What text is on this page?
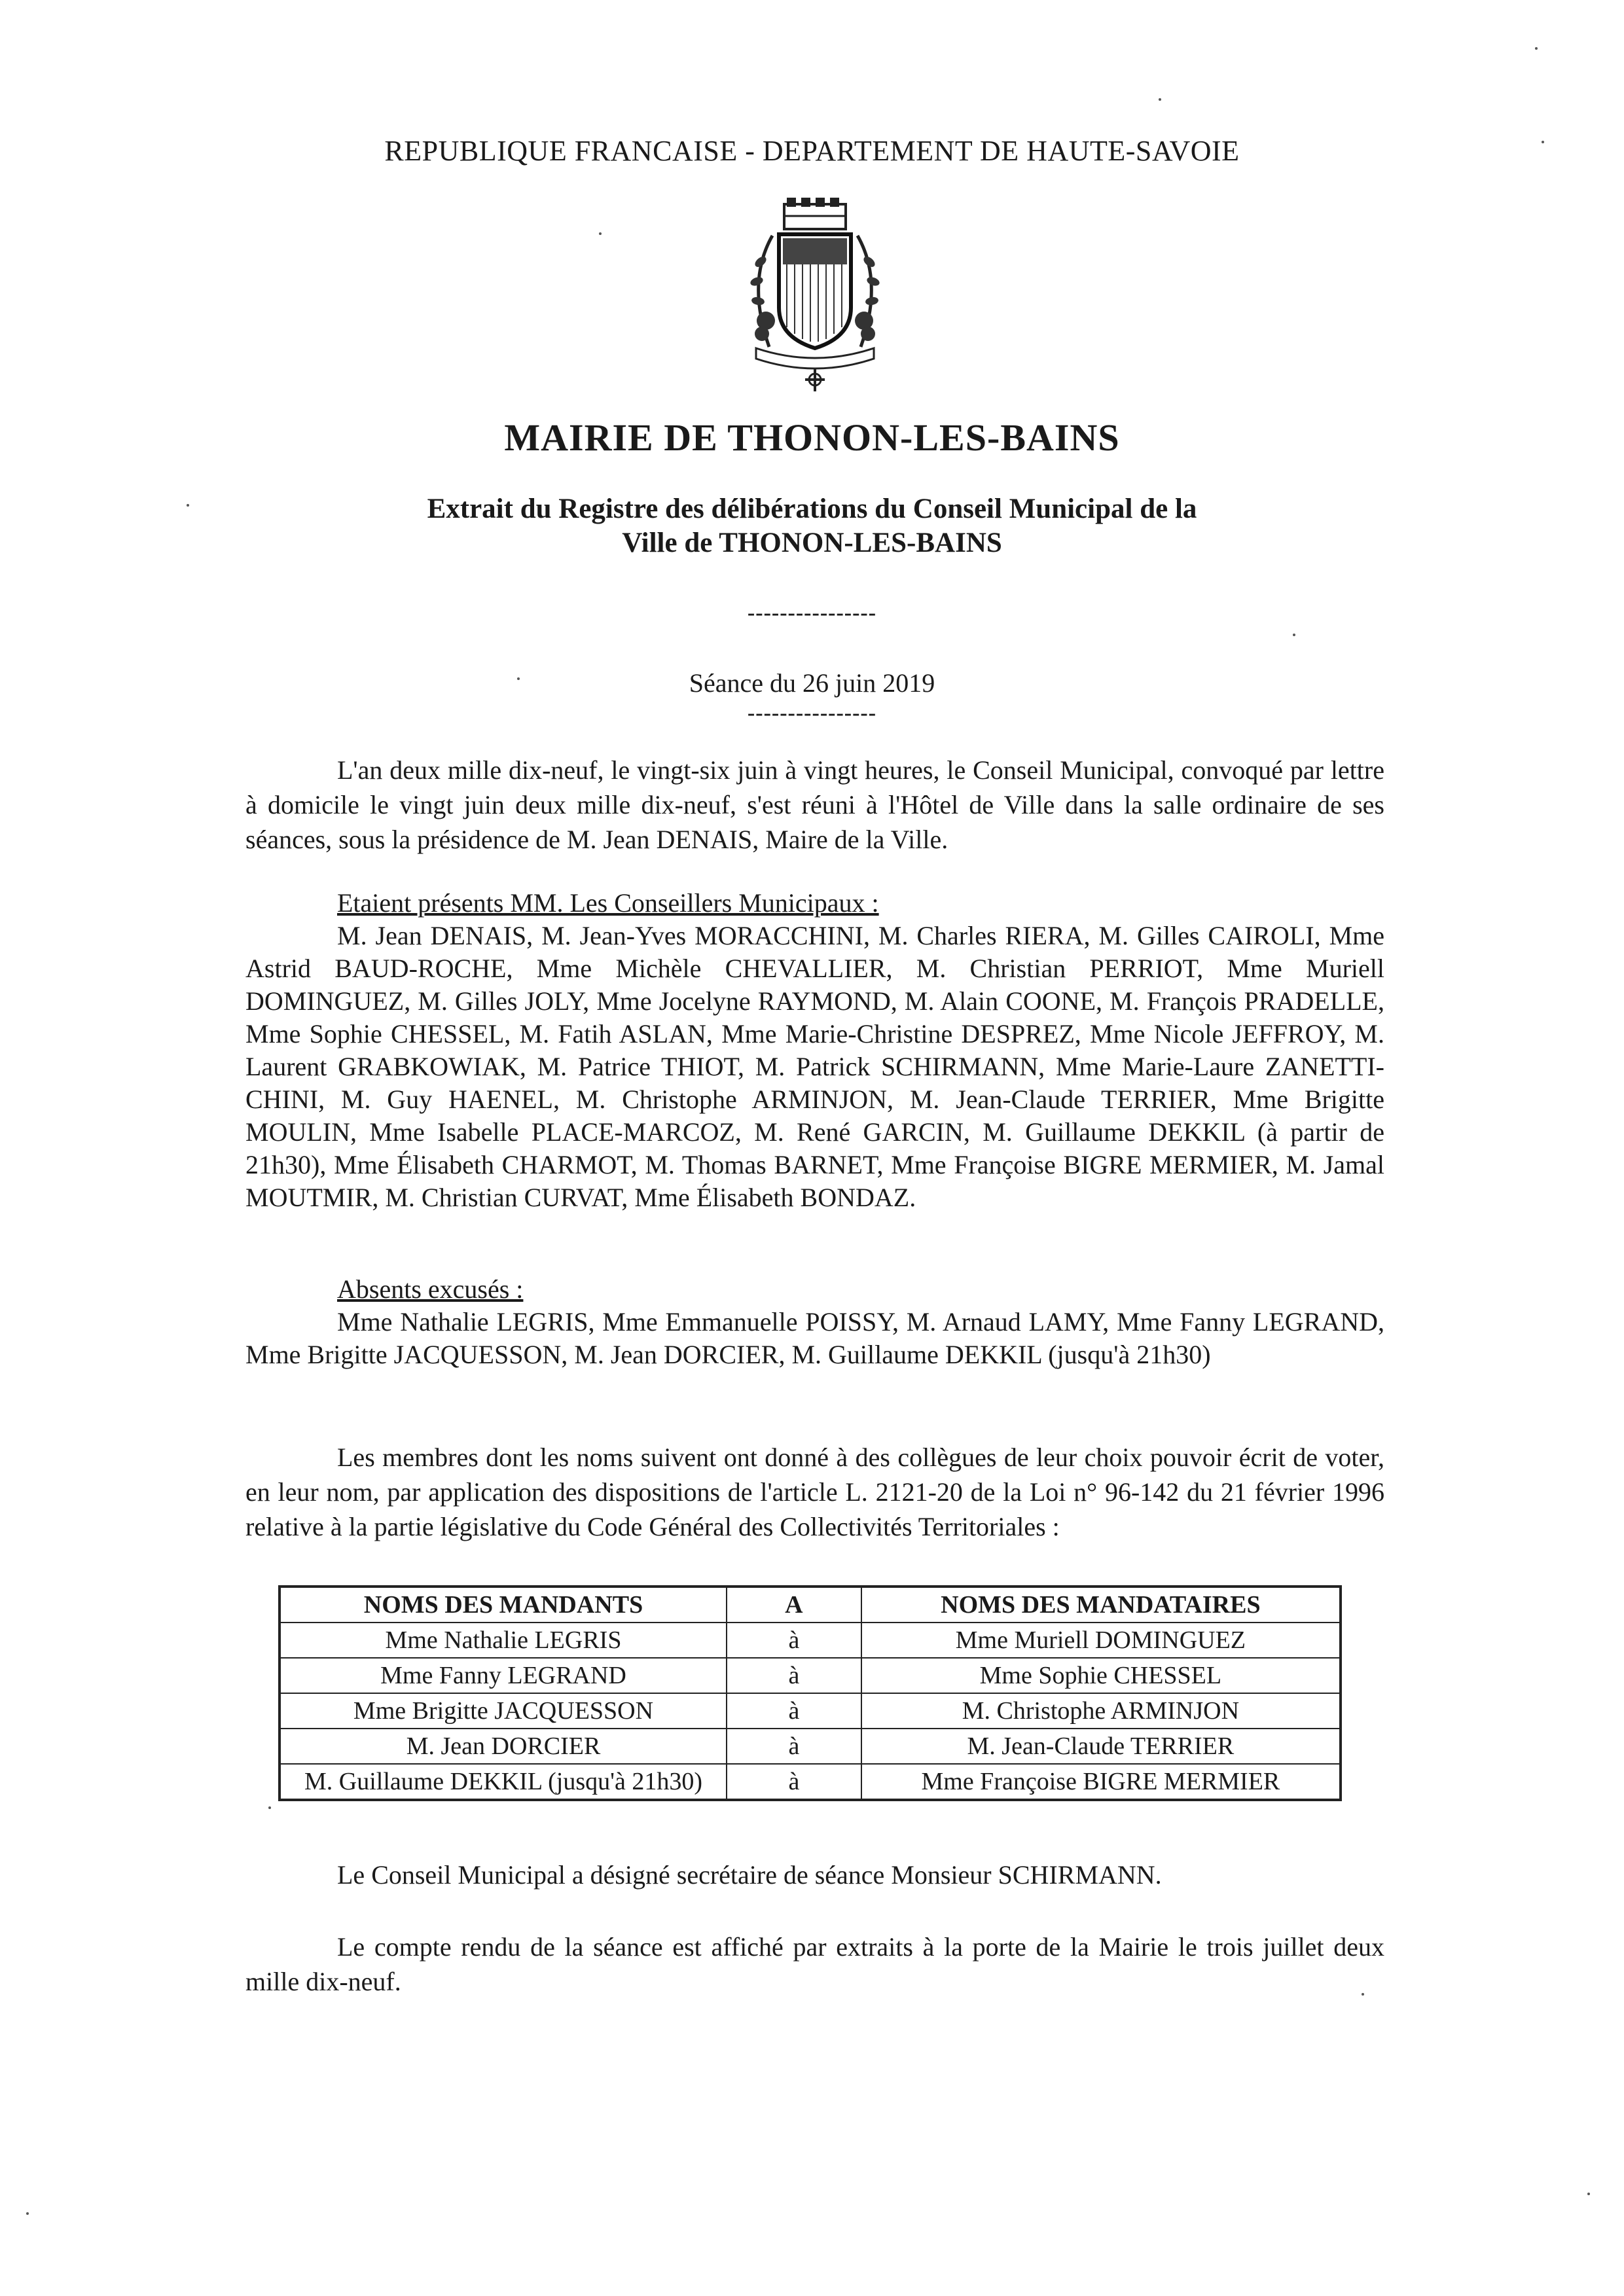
REPUBLIQUE FRANCAISE - DEPARTEMENT DE HAUTE-SAVOIE
MAIRIE DE THONON-LES-BAINS
Extrait du Registre des délibérations du Conseil Municipal de la
Ville de THONON-LES-BAINS
----------------
Séance du 26 juin 2019
----------------
L'an deux mille dix-neuf, le vingt-six juin à vingt heures, le Conseil Municipal, convoqué par lettre à domicile le vingt juin deux mille dix-neuf, s'est réuni à l'Hôtel de Ville dans la salle ordinaire de ses séances, sous la présidence de M. Jean DENAIS, Maire de la Ville.
Etaient présents MM. Les Conseillers Municipaux :
M. Jean DENAIS, M. Jean-Yves MORACCHINI, M. Charles RIERA, M. Gilles CAIROLI, Mme Astrid BAUD-ROCHE, Mme Michèle CHEVALLIER, M. Christian PERRIOT, Mme Muriell DOMINGUEZ, M. Gilles JOLY, Mme Jocelyne RAYMOND, M. Alain COONE, M. François PRADELLE, Mme Sophie CHESSEL, M. Fatih ASLAN, Mme Marie-Christine DESPREZ, Mme Nicole JEFFROY, M. Laurent GRABKOWIAK, M. Patrice THIOT, M. Patrick SCHIRMANN, Mme Marie-Laure ZANETTI-CHINI, M. Guy HAENEL, M. Christophe ARMINJON, M. Jean-Claude TERRIER, Mme Brigitte MOULIN, Mme Isabelle PLACE-MARCOZ, M. René GARCIN, M. Guillaume DEKKIL (à partir de 21h30), Mme Élisabeth CHARMOT, M. Thomas BARNET, Mme Françoise BIGRE MERMIER, M. Jamal MOUTMIR, M. Christian CURVAT, Mme Élisabeth BONDAZ.
Absents excusés :
Mme Nathalie LEGRIS, Mme Emmanuelle POISSY, M. Arnaud LAMY, Mme Fanny LEGRAND, Mme Brigitte JACQUESSON, M. Jean DORCIER, M. Guillaume DEKKIL (jusqu'à 21h30)
Les membres dont les noms suivent ont donné à des collègues de leur choix pouvoir écrit de voter, en leur nom, par application des dispositions de l'article L. 2121-20 de la Loi n° 96-142 du 21 février 1996 relative à la partie législative du Code Général des Collectivités Territoriales :
NOMS DES MANDANTS	A	NOMS DES MANDATAIRES
Mme Nathalie LEGRIS	à	Mme Muriell DOMINGUEZ
Mme Fanny LEGRAND	à	Mme Sophie CHESSEL
Mme Brigitte JACQUESSON	à	M. Christophe ARMINJON
M. Jean DORCIER	à	M. Jean-Claude TERRIER
M. Guillaume DEKKIL (jusqu'à 21h30)	à	Mme Françoise BIGRE MERMIER
Le Conseil Municipal a désigné secrétaire de séance Monsieur SCHIRMANN.
Le compte rendu de la séance est affiché par extraits à la porte de la Mairie le trois juillet deux mille dix-neuf.
